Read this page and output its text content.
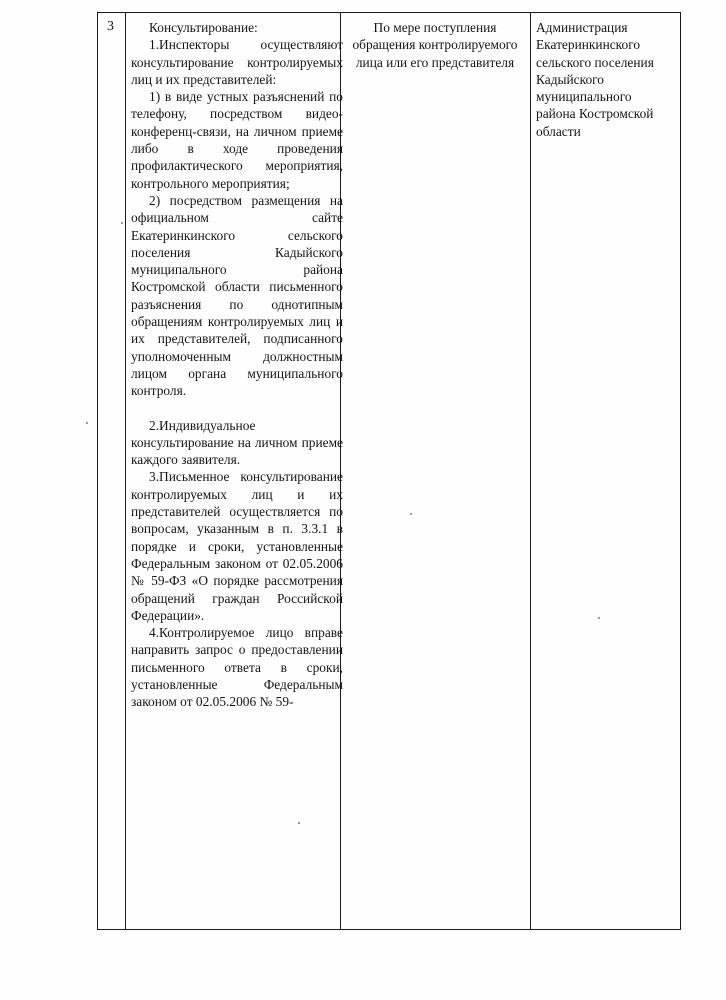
3	Консультирование:

1.Инспекторы осуществляют консультирование контролируемых лиц и их представителей:

1) в виде устных разъяснений по телефону, посредством видео-конференц-связи, на личном приеме либо в ходе проведения профилактического мероприятия, контрольного мероприятия;

2) посредством размещения на официальном сайте Екатеринкинского сельского поселения Кадыйского муниципального района Костромской области письменного разъяснения по однотипным обращениям контролируемых лиц и их представителей, подписанного уполномоченным должностным лицом органа муниципального контроля.

2.Индивидуальное консультирование на личном приеме каждого заявителя.

3.Письменное консультирование контролируемых лиц и их представителей осуществляется по вопросам, указанным в п. 3.3.1 в порядке и сроки, установленные Федеральным законом от 02.05.2006 № 59-ФЗ «О порядке рассмотрения обращений граждан Российской Федерации».

4.Контролируемое лицо вправе направить запрос о предоставлении письменного ответа в сроки, установленные Федеральным законом от 02.05.2006 № 59-

По мере поступления обращения контролируемого лица или его представителя
Администрация Екатеринкинского сельского поселения Кадыйского муниципального района Костромской области
